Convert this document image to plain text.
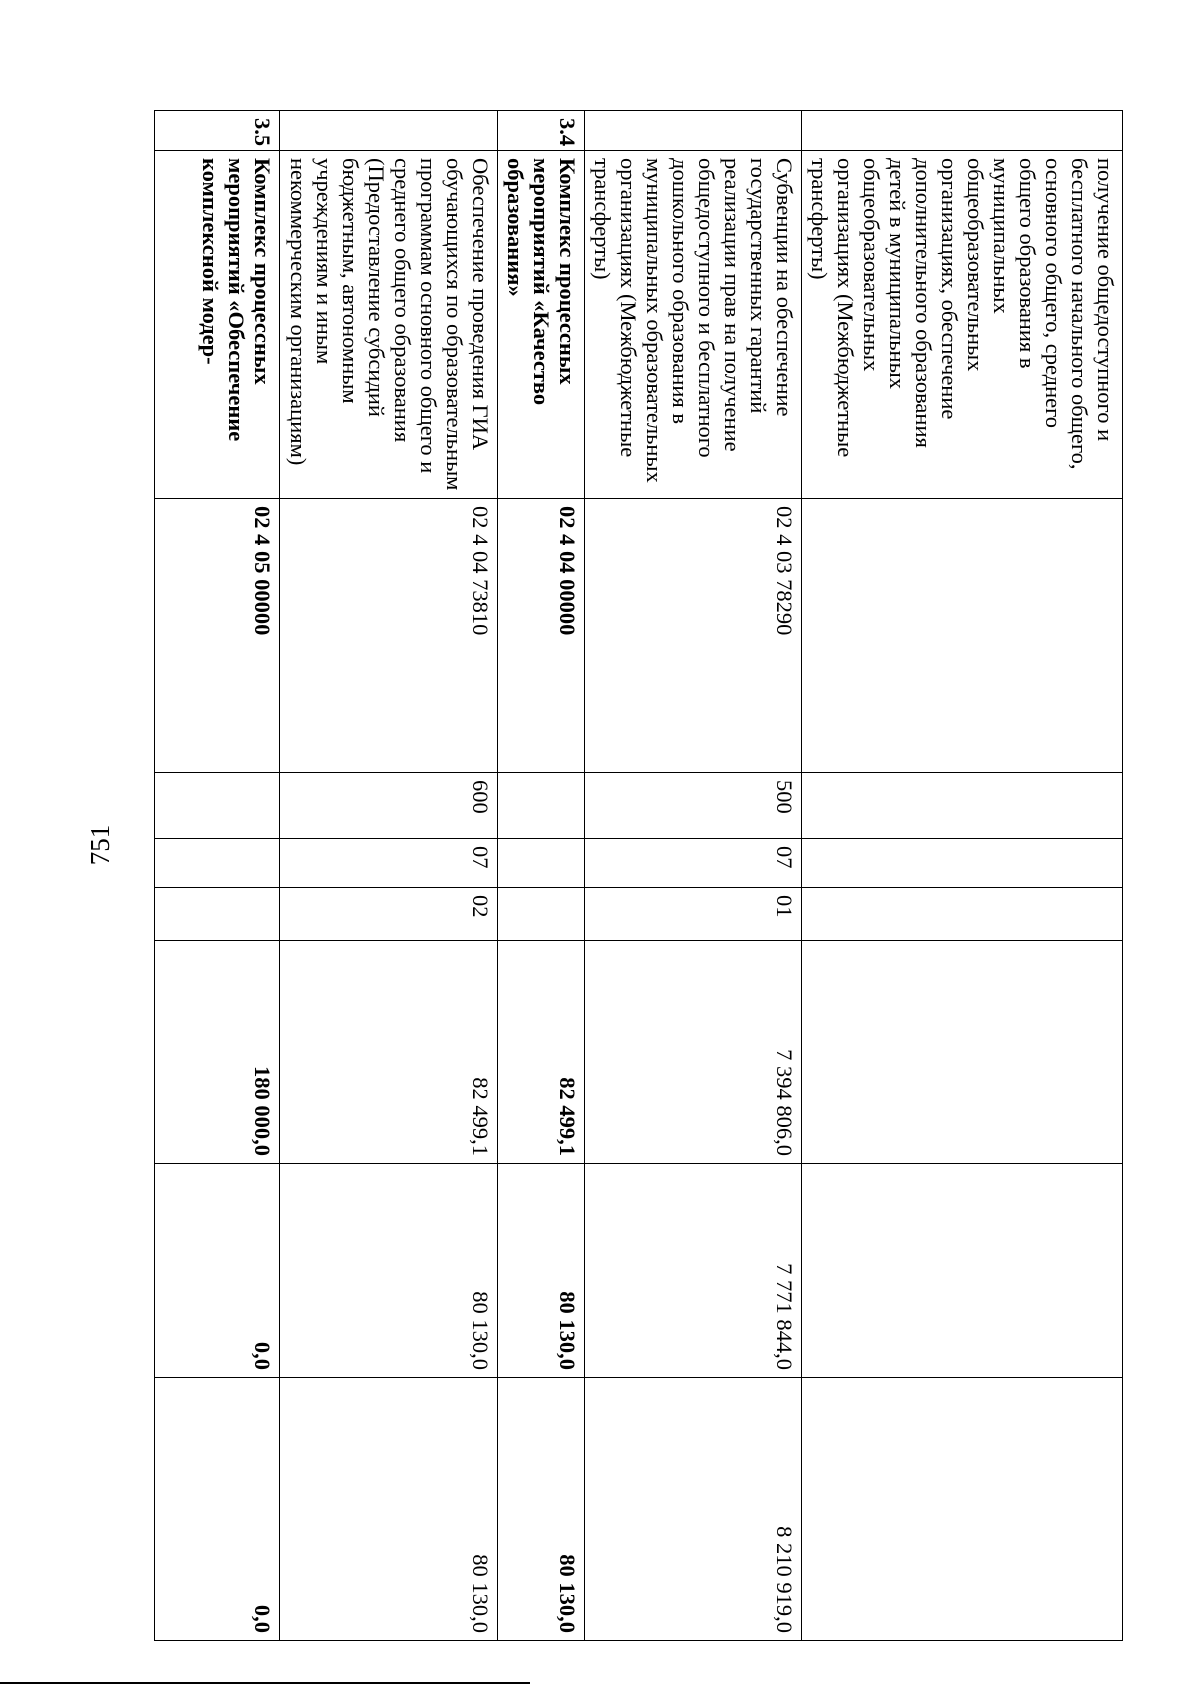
751
	получение общедоступного и бесплатного начального общего, основного общего, среднего общего образования в муниципальных общеобразовательных организациях, обеспечение дополнительного образования детей в муниципальных общеобразовательных организациях (Межбюджетные трансферты)							
	Субвенции на обеспечение государственных гарантий реализации прав на получение общедоступного и бесплатного дошкольного образования в муниципальных образовательных организациях (Межбюджетные трансферты)	02 4 03 78290	500	07	01	7 394 806,0	7 771 844,0	8 210 919,0
3.4	Комплекс процессных мероприятий «Качество образования»	02 4 04 00000				82 499,1	80 130,0	80 130,0
	Обеспечение проведения ГИА обучающихся по образовательным программам основного общего и среднего общего образования (Предоставление субсидий бюджетным, автономным учреждениям и иным некоммерческим организациям)	02 4 04 73810	600	07	02	82 499,1	80 130,0	80 130,0
3.5	Комплекс процессных мероприятий «Обеспечение комплексной модер-	02 4 05 00000				180 000,0	0,0	0,0
